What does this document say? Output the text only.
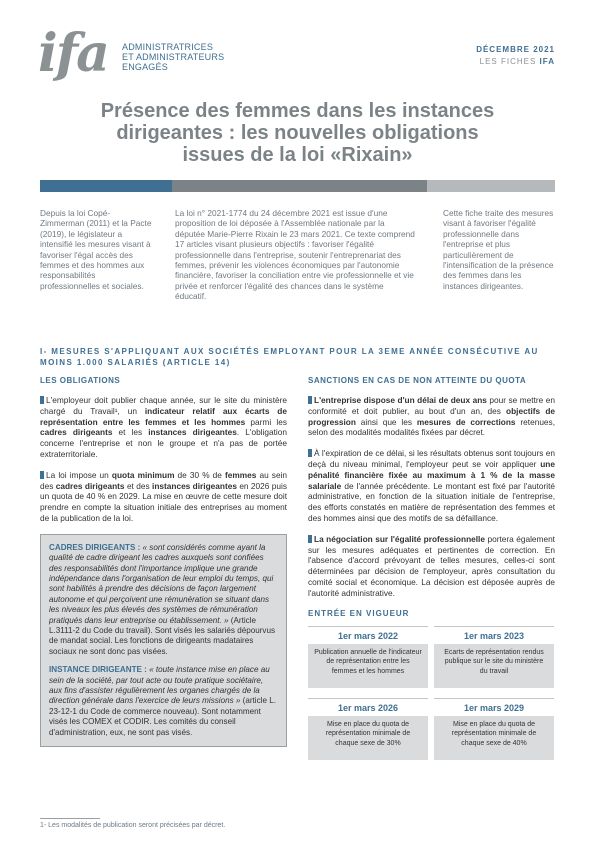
ifa ADMINISTRATRICES
ET ADMINISTRATEURS
ENGAGÉS
DÉCEMBRE 2021
LES FICHES IFA
Présence des femmes dans les instances
dirigeantes : les nouvelles obligations
issues de la loi «Rixain»
Depuis la loi Copé-Zimmerman (2011) et la Pacte (2019), le législateur a intensifié les mesures visant à favoriser l'égal accès des femmes et des hommes aux responsabilités professionnelles et sociales.
La loi n° 2021-1774 du 24 décembre 2021 est issue d'une proposition de loi déposée à l'Assemblée nationale par la députée Marie-Pierre Rixain le 23 mars 2021. Ce texte comprend 17 articles visant plusieurs objectifs : favoriser l'égalité professionnelle dans l'entreprise, soutenir l'entreprenariat des femmes, prévenir les violences économiques par l'autonomie financière, favoriser la conciliation entre vie professionnelle et vie privée et renforcer l'égalité des chances dans le système éducatif.
Cette fiche traite des mesures visant à favoriser l'égalité professionnelle dans l'entreprise et plus particulièrement de l'intensification de la présence des femmes dans les instances dirigeantes.
I- MESURES S'APPLIQUANT AUX SOCIÉTÉS EMPLOYANT POUR LA 3EME ANNÉE CONSÉCUTIVE AU MOINS 1.000 SALARIÉS (ARTICLE 14)
LES OBLIGATIONS
L'employeur doit publier chaque année, sur le site du ministère chargé du Travail¹, un indicateur relatif aux écarts de représentation entre les femmes et les hommes parmi les cadres dirigeants et les instances dirigeantes. L'obligation concerne l'entreprise et non le groupe et n'a pas de portée extraterritoriale.
La loi impose un quota minimum de 30 % de femmes au sein des cadres dirigeants et des instances dirigeantes en 2026 puis un quota de 40 % en 2029. La mise en œuvre de cette mesure doit prendre en compte la situation initiale des entreprises au moment de la publication de la loi.

CADRES DIRIGEANTS : « sont considérés comme ayant la qualité de cadre dirigeant les cadres auxquels sont confiées des responsabilités dont l'importance implique une grande indépendance dans l'organisation de leur emploi du temps, qui sont habilités à prendre des décisions de façon largement autonome et qui perçoivent une rémunération se situant dans les niveaux les plus élevés des systèmes de rémunération pratiqués dans leur entreprise ou établissement. » (Article L.3111-2 du Code du travail). Sont visés les salariés dépourvus de mandat social. Les fonctions de dirigeants madataires sociaux ne sont donc pas visées.

INSTANCE DIRIGEANTE : « toute instance mise en place au sein de la société, par tout acte ou toute pratique sociétaire, aux fins d'assister régulièrement les organes chargés de la direction générale dans l'exercice de leurs missions » (article L. 23-12-1 du Code de commerce nouveau). Sont notamment visés les COMEX et CODIR. Les comités du conseil d'administration, eux, ne sont pas visés.

SANCTIONS EN CAS DE NON ATTEINTE DU QUOTA
L'entreprise dispose d'un délai de deux ans pour se mettre en conformité et doit publier, au bout d'un an, des objectifs de progression ainsi que les mesures de corrections retenues, selon des modalités modalités fixées par décret.
À l'expiration de ce délai, si les résultats obtenus sont toujours en deçà du niveau minimal, l'employeur peut se voir appliquer une pénalité financière fixée au maximum à 1 % de la masse salariale de l'année précédente. Le montant est fixé par l'autorité administrative, en fonction de la situation initiale de l'entreprise, des efforts constatés en matière de représentation des femmes et des hommes ainsi que des motifs de sa défaillance.
La négociation sur l'égalité professionnelle portera également sur les mesures adéquates et pertinentes de correction. En l'absence d'accord prévoyant de telles mesures, celles-ci sont déterminées par décision de l'employeur, après consultation du comité social et économique. La décision est déposée auprès de l'autorité administrative.
ENTRÉE EN VIGUEUR
1er mars 2022
Publication annuelle de l'indicateur de représentation entre les femmes et les hommes
1er mars 2023
Ecarts de représentation rendus publique sur le site du ministère du travail
1er mars 2026
Mise en place du quota de représentation minimale de chaque sexe de 30%
1er mars 2029
Mise en place du quota de représentation minimale de chaque sexe de 40%
1- Les modalités de publication seront précisées par décret.
